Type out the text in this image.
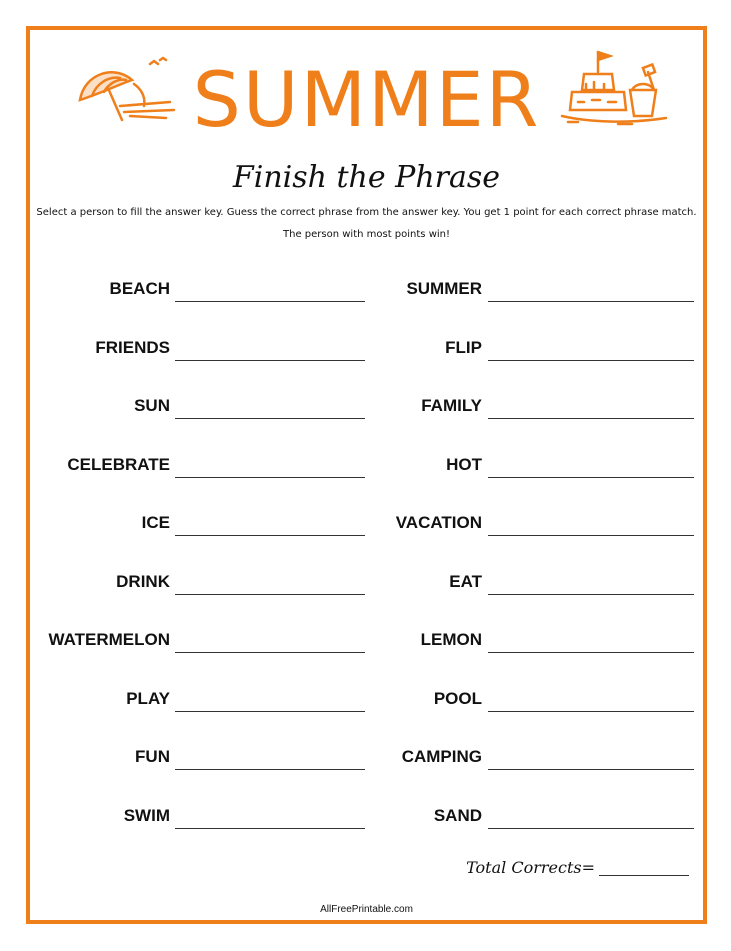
SUMMER
Finish the Phrase
Select a person to fill the answer key. Guess the correct phrase from the answer key. You get 1 point for each correct phrase match.
The person with most points win!
BEACH
FRIENDS
SUN
CELEBRATE
ICE
DRINK
WATERMELON
PLAY
FUN
SWIM
SUMMER
FLIP
FAMILY
HOT
VACATION
EAT
LEMON
POOL
CAMPING
SAND
Total Corrects=
AllFreePrintable.com
